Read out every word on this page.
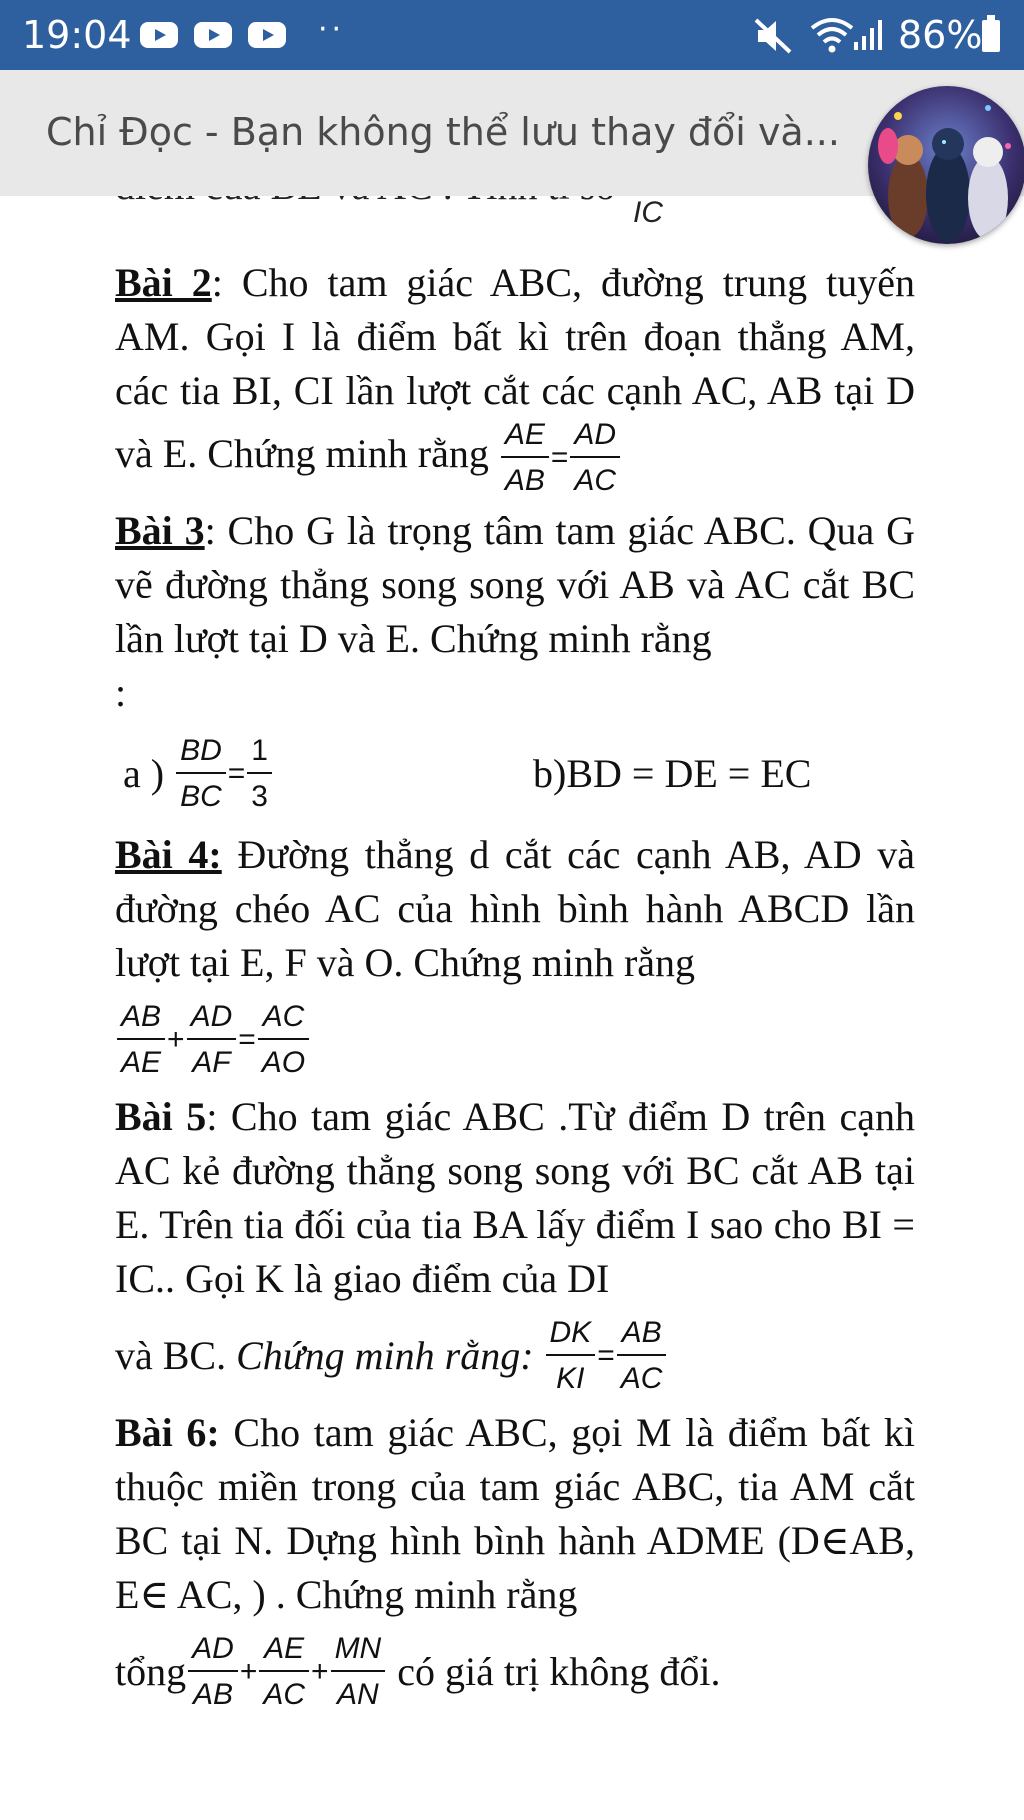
19:04	··	86%
Chỉ Đọc - Bạn không thể lưu thay đổi và...

IC
Bài 2: Cho tam giác ABC, đường trung tuyến AM. Gọi I là điểm bất kì trên đoạn thẳng AM, các tia BI, CI lần lượt cắt các cạnh AC, AB tại D và E. Chứng minh rằng $\frac{AE}{AB} = \frac{AD}{AC}$
Bài 3: Cho G là trọng tâm tam giác ABC. Qua G vẽ đường thẳng song song với AB và AC cắt BC lần lượt tại D và E. Chứng minh rằng
:
a )
$\frac{BD}{BC} = \frac{1}{3}$	b)BD = DE = EC
Bài 4: Đường thẳng d cắt các cạnh AB, AD và đường chéo AC của hình bình hành ABCD lần lượt tại E, F và O. Chứng minh rằng
$\frac{AB}{AE} + \frac{AD}{AF} = \frac{AC}{AO}$
Bài 5: Cho tam giác ABC .Từ điểm D trên cạnh AC kẻ đường thẳng song song với BC cắt AB tại E. Trên tia đối của tia BA lấy điểm I sao cho BI = IC.. Gọi K là giao điểm của DI
và BC. Chứng minh rằng:
$\frac{DK}{KI} = \frac{AB}{AC}$
Bài 6: Cho tam giác ABC, gọi M là điểm bất kì thuộc miền trong của tam giác ABC, tia AM cắt BC tại N. Dựng hình bình hành ADME (D∈AB, E∈ AC, ) . Chứng minh rằng
tổng $\frac{AD}{AB} + \frac{AE}{AC} + \frac{MN}{AN}$
có giá trị không đổi.
